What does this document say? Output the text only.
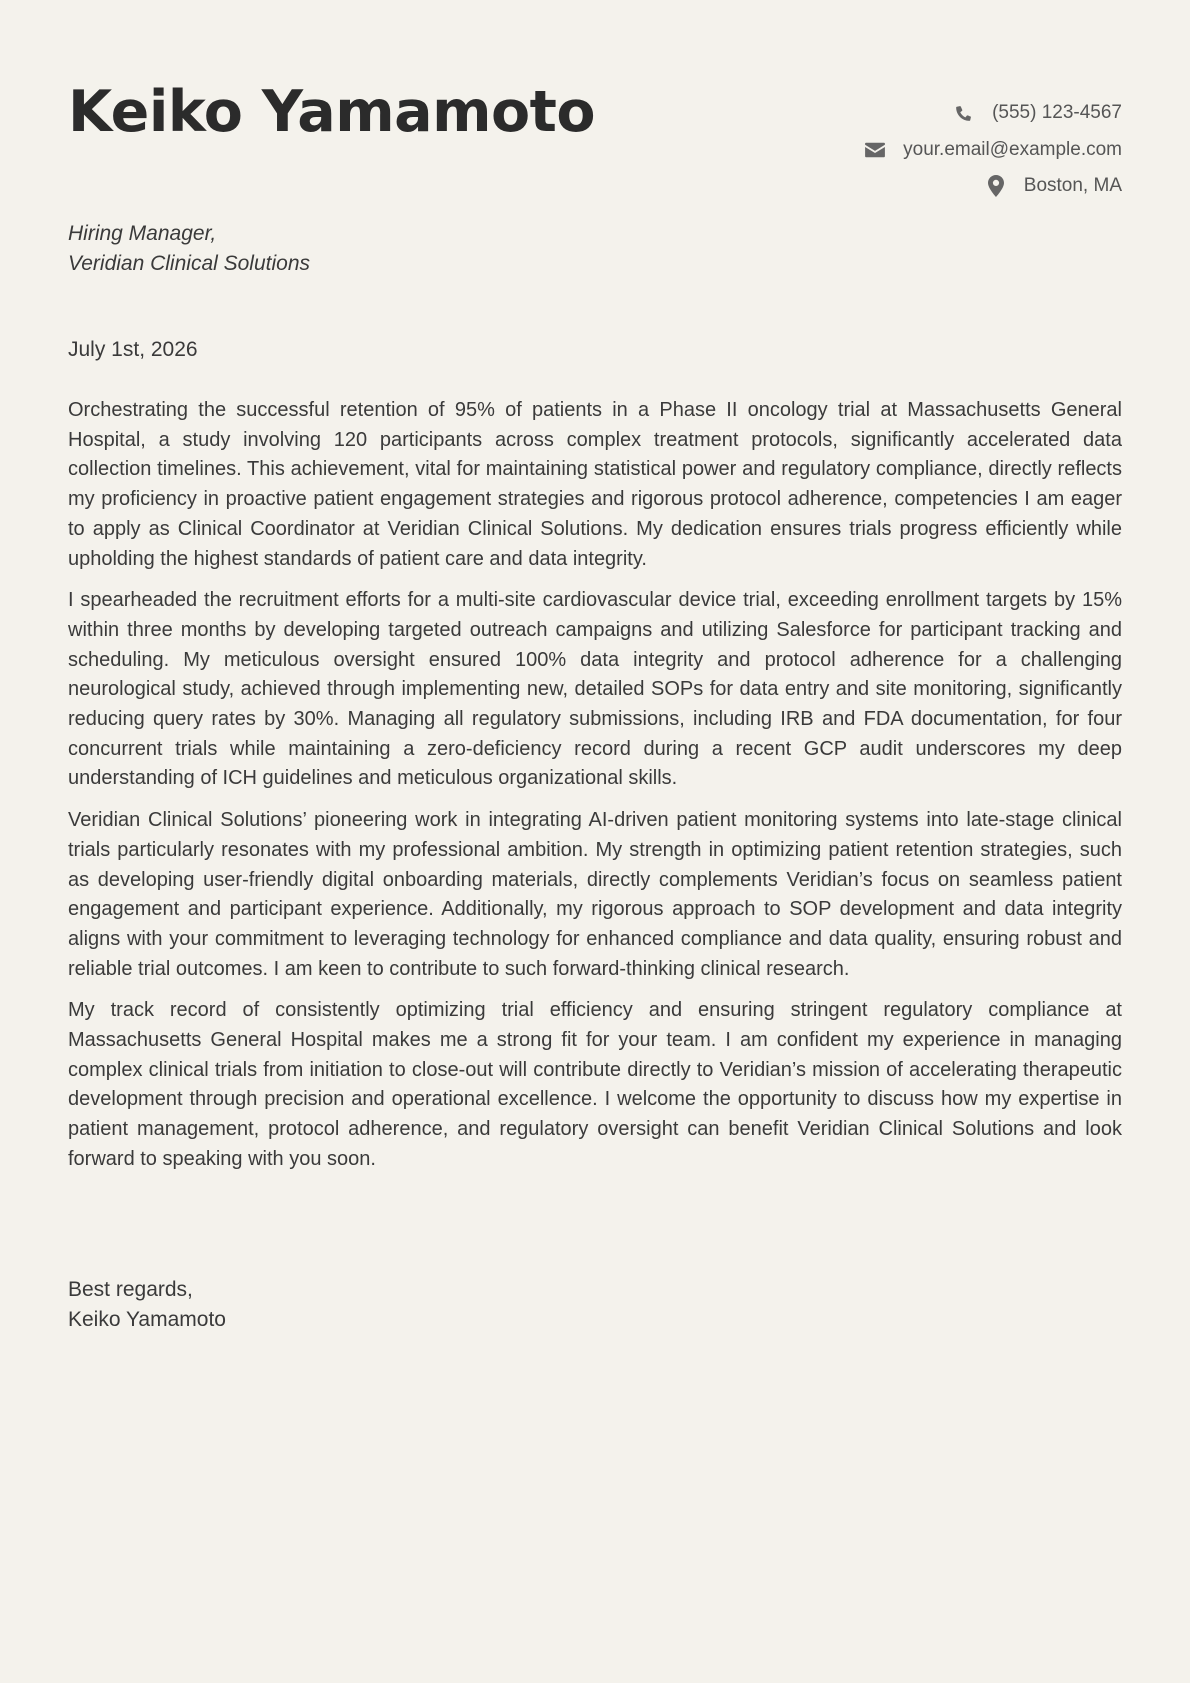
Keiko Yamamoto	(555) 123-4567
your.email@example.com
Boston, MA
Hiring Manager,
Veridian Clinical Solutions
July 1st, 2026

Orchestrating the successful retention of 95% of patients in a Phase II oncology trial at Massachusetts General Hospital, a study involving 120 participants across complex treatment protocols, significantly accelerated data collection timelines. This achievement, vital for maintaining statistical power and regulatory compliance, directly reflects my proficiency in proactive patient engagement strategies and rigorous protocol adherence, competencies I am eager to apply as Clinical Coordinator at Veridian Clinical Solutions. My dedication ensures trials progress efficiently while upholding the highest standards of patient care and data integrity.

I spearheaded the recruitment efforts for a multi-site cardiovascular device trial, exceeding enrollment targets by 15% within three months by developing targeted outreach campaigns and utilizing Salesforce for participant tracking and scheduling. My meticulous oversight ensured 100% data integrity and protocol adherence for a challenging neurological study, achieved through implementing new, detailed SOPs for data entry and site monitoring, significantly reducing query rates by 30%. Managing all regulatory submissions, including IRB and FDA documentation, for four concurrent trials while maintaining a zero-deficiency record during a recent GCP audit underscores my deep understanding of ICH guidelines and meticulous organizational skills.

Veridian Clinical Solutions’ pioneering work in integrating AI-driven patient monitoring systems into late-stage clinical trials particularly resonates with my professional ambition. My strength in optimizing patient retention strategies, such as developing user-friendly digital onboarding materials, directly complements Veridian’s focus on seamless patient engagement and participant experience. Additionally, my rigorous approach to SOP development and data integrity aligns with your commitment to leveraging technology for enhanced compliance and data quality, ensuring robust and reliable trial outcomes. I am keen to contribute to such forward-thinking clinical research.

My track record of consistently optimizing trial efficiency and ensuring stringent regulatory compliance at Massachusetts General Hospital makes me a strong fit for your team. I am confident my experience in managing complex clinical trials from initiation to close-out will contribute directly to Veridian’s mission of accelerating therapeutic development through precision and operational excellence. I welcome the opportunity to discuss how my expertise in patient management, protocol adherence, and regulatory oversight can benefit Veridian Clinical Solutions and look forward to speaking with you soon.

Best regards,
Keiko Yamamoto
